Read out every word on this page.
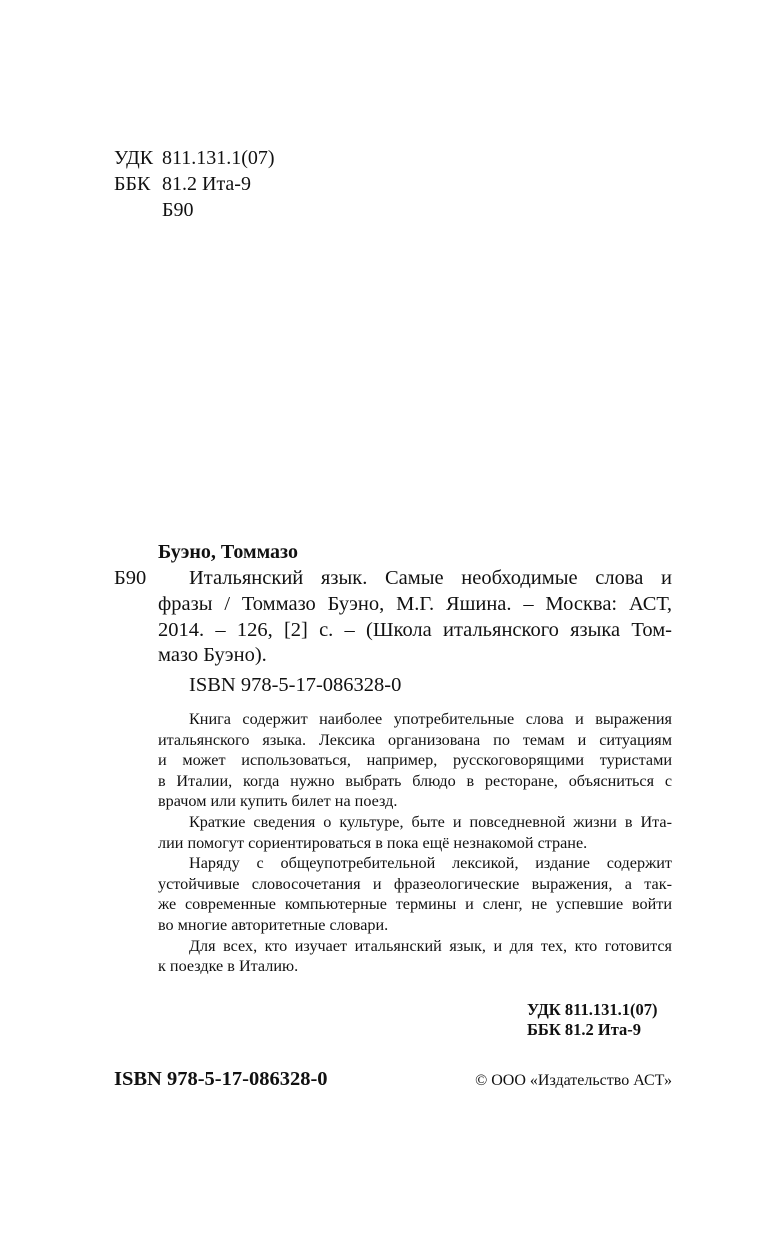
УДК 811.131.1(07)
ББК 81.2 Ита-9
Б90
Буэно, Томмазо
Б90 Итальянский язык. Самые необходимые слова и
фразы / Томмазо Буэно, М.Г. Яшина. – Москва: АСТ,
2014. – 126, [2] с. – (Школа итальянского языка Том-
мазо Буэно).
ISBN 978-5-17-086328-0
Книга содержит наиболее употребительные слова и выражения
итальянского языка. Лексика организована по темам и ситуациям
и может использоваться, например, русскоговорящими туристами
в Италии, когда нужно выбрать блюдо в ресторане, объясниться с
врачом или купить билет на поезд.
Краткие сведения о культуре, быте и повседневной жизни в Ита-
лии помогут сориентироваться в пока ещё незнакомой стране.
Наряду с общеупотребительной лексикой, издание содержит
устойчивые словосочетания и фразеологические выражения, а так-
же современные компьютерные термины и сленг, не успевшие войти
во многие авторитетные словари.
Для всех, кто изучает итальянский язык, и для тех, кто готовится
к поездке в Италию.
УДК 811.131.1(07)
ББК 81.2 Ита-9
ISBN 978-5-17-086328-0	© ООО «Издательство АСТ»
